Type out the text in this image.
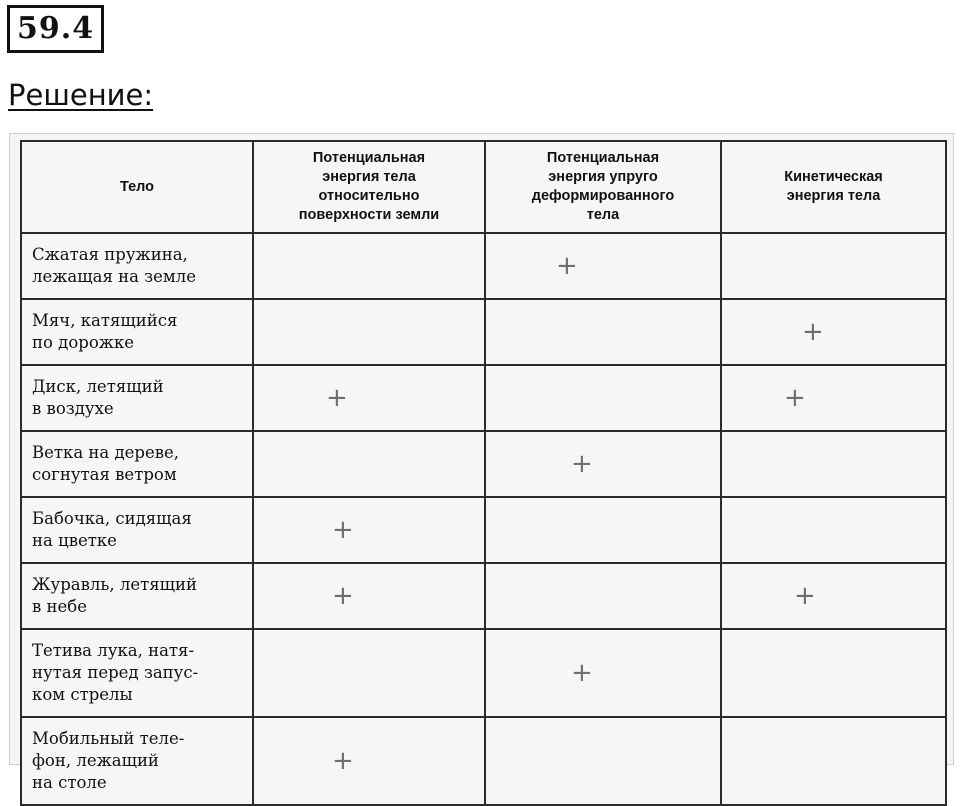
59.4
Решение:
Тело	Потенциальная
энергия тела
относительно
поверхности земли	Потенциальная
энергия упруго
деформированного
тела	Кинетическая
энергия тела
Сжатая пружина,
лежащая на земле		+	

Мяч, катящийся
по дорожке			+

Диск, летящий
в воздухе	+		+

Ветка на дереве,
согнутая ветром		+	

Бабочка, сидящая
на цветке	+		

Журавль, летящий
в небе	+		+

Тетива лука, натя-
нутая перед запус-
ком стрелы		+	

Мобильный теле-
фон, лежащий
на столе	+		
